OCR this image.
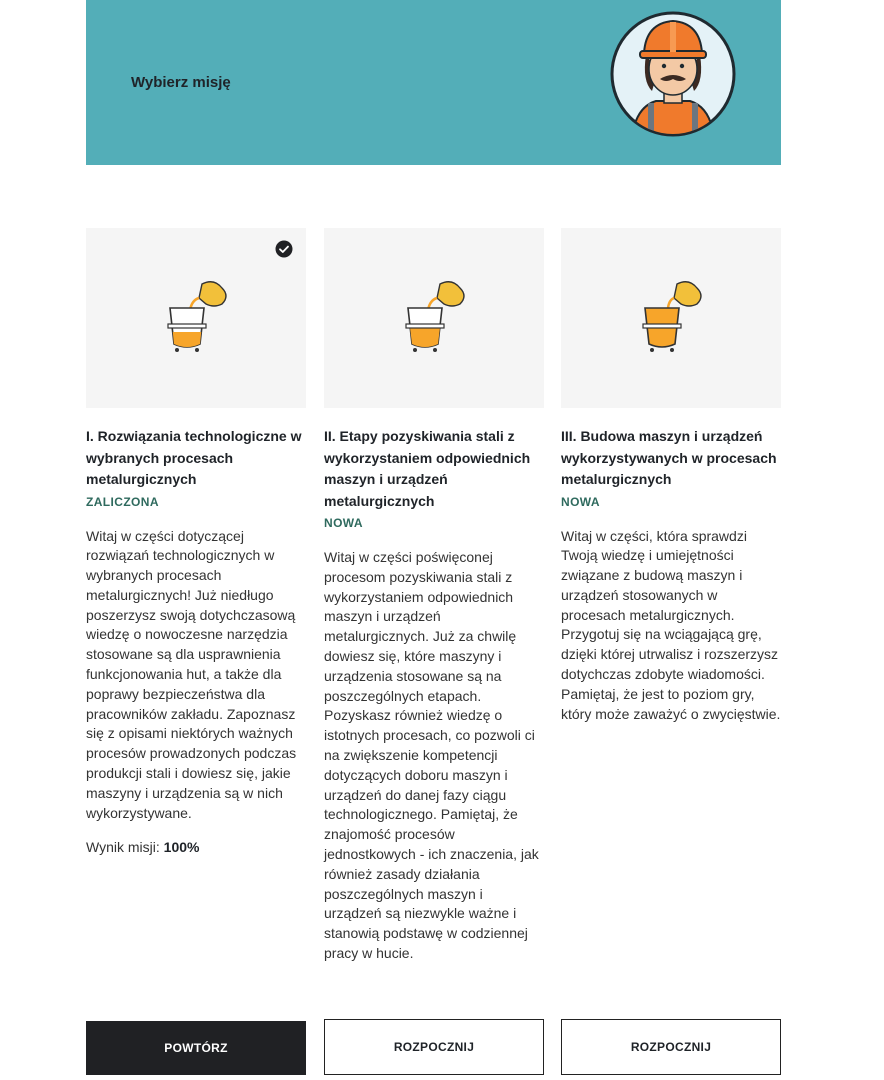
Wybierz misję
I. Rozwiązania technologiczne w wybranych procesach metalurgicznych
ZALICZONA
Witaj w części dotyczącej rozwiązań technologicznych w wybranych procesach metalurgicznych! Już niedługo poszerzysz swoją dotychczasową wiedzę o nowoczesne narzędzia stosowane są dla usprawnienia funkcjonowania hut, a także dla poprawy bezpieczeństwa dla pracowników zakładu. Zapoznasz się z opisami niektórych ważnych procesów prowadzonych podczas produkcji stali i dowiesz się, jakie maszyny i urządzenia są w nich wykorzystywane.
Wynik misji: 100%
II. Etapy pozyskiwania stali z wykorzystaniem odpowiednich maszyn i urządzeń metalurgicznych
NOWA
Witaj w części poświęconej procesom pozyskiwania stali z wykorzystaniem odpowiednich maszyn i urządzeń metalurgicznych. Już za chwilę dowiesz się, które maszyny i urządzenia stosowane są na poszczególnych etapach. Pozyskasz również wiedzę o istotnych procesach, co pozwoli ci na zwiększenie kompetencji dotyczących doboru maszyn i urządzeń do danej fazy ciągu technologicznego. Pamiętaj, że znajomość procesów jednostkowych - ich znaczenia, jak również zasady działania poszczególnych maszyn i urządzeń są niezwykle ważne i stanowią podstawę w codziennej pracy w hucie.
III. Budowa maszyn i urządzeń wykorzystywanych w procesach metalurgicznych
NOWA
Witaj w części, która sprawdzi Twoją wiedzę i umiejętności związane z budową maszyn i urządzeń stosowanych w procesach metalurgicznych. Przygotuj się na wciągającą grę, dzięki której utrwalisz i rozszerzysz dotychczas zdobyte wiadomości. Pamiętaj, że jest to poziom gry, który może zaważyć o zwycięstwie.
POWTÓRZ	ROZPOCZNIJ	ROZPOCZNIJ
